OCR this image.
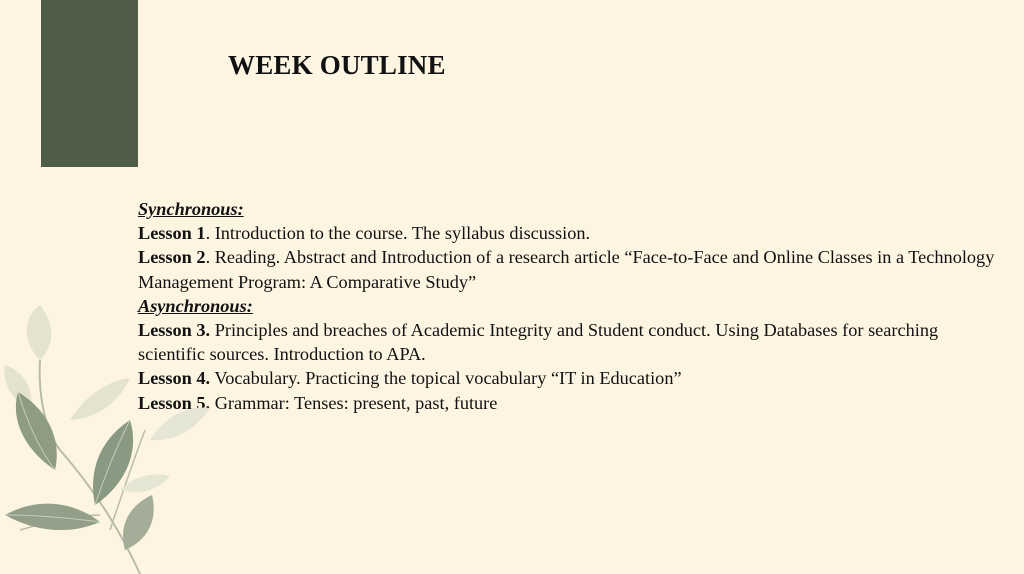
WEEK OUTLINE

Synchronous:

Lesson 1. Introduction to the course. The syllabus discussion.

Lesson 2. Reading. Abstract and Introduction of a research article “Face-to-Face and Online Classes in a Technology Management Program: A Comparative Study”

Asynchronous:

Lesson 3. Principles and breaches of Academic Integrity and Student conduct. Using Databases for searching scientific sources. Introduction to APA.

Lesson 4. Vocabulary. Practicing the topical vocabulary “IT in Education”

Lesson 5. Grammar: Tenses: present, past, future
